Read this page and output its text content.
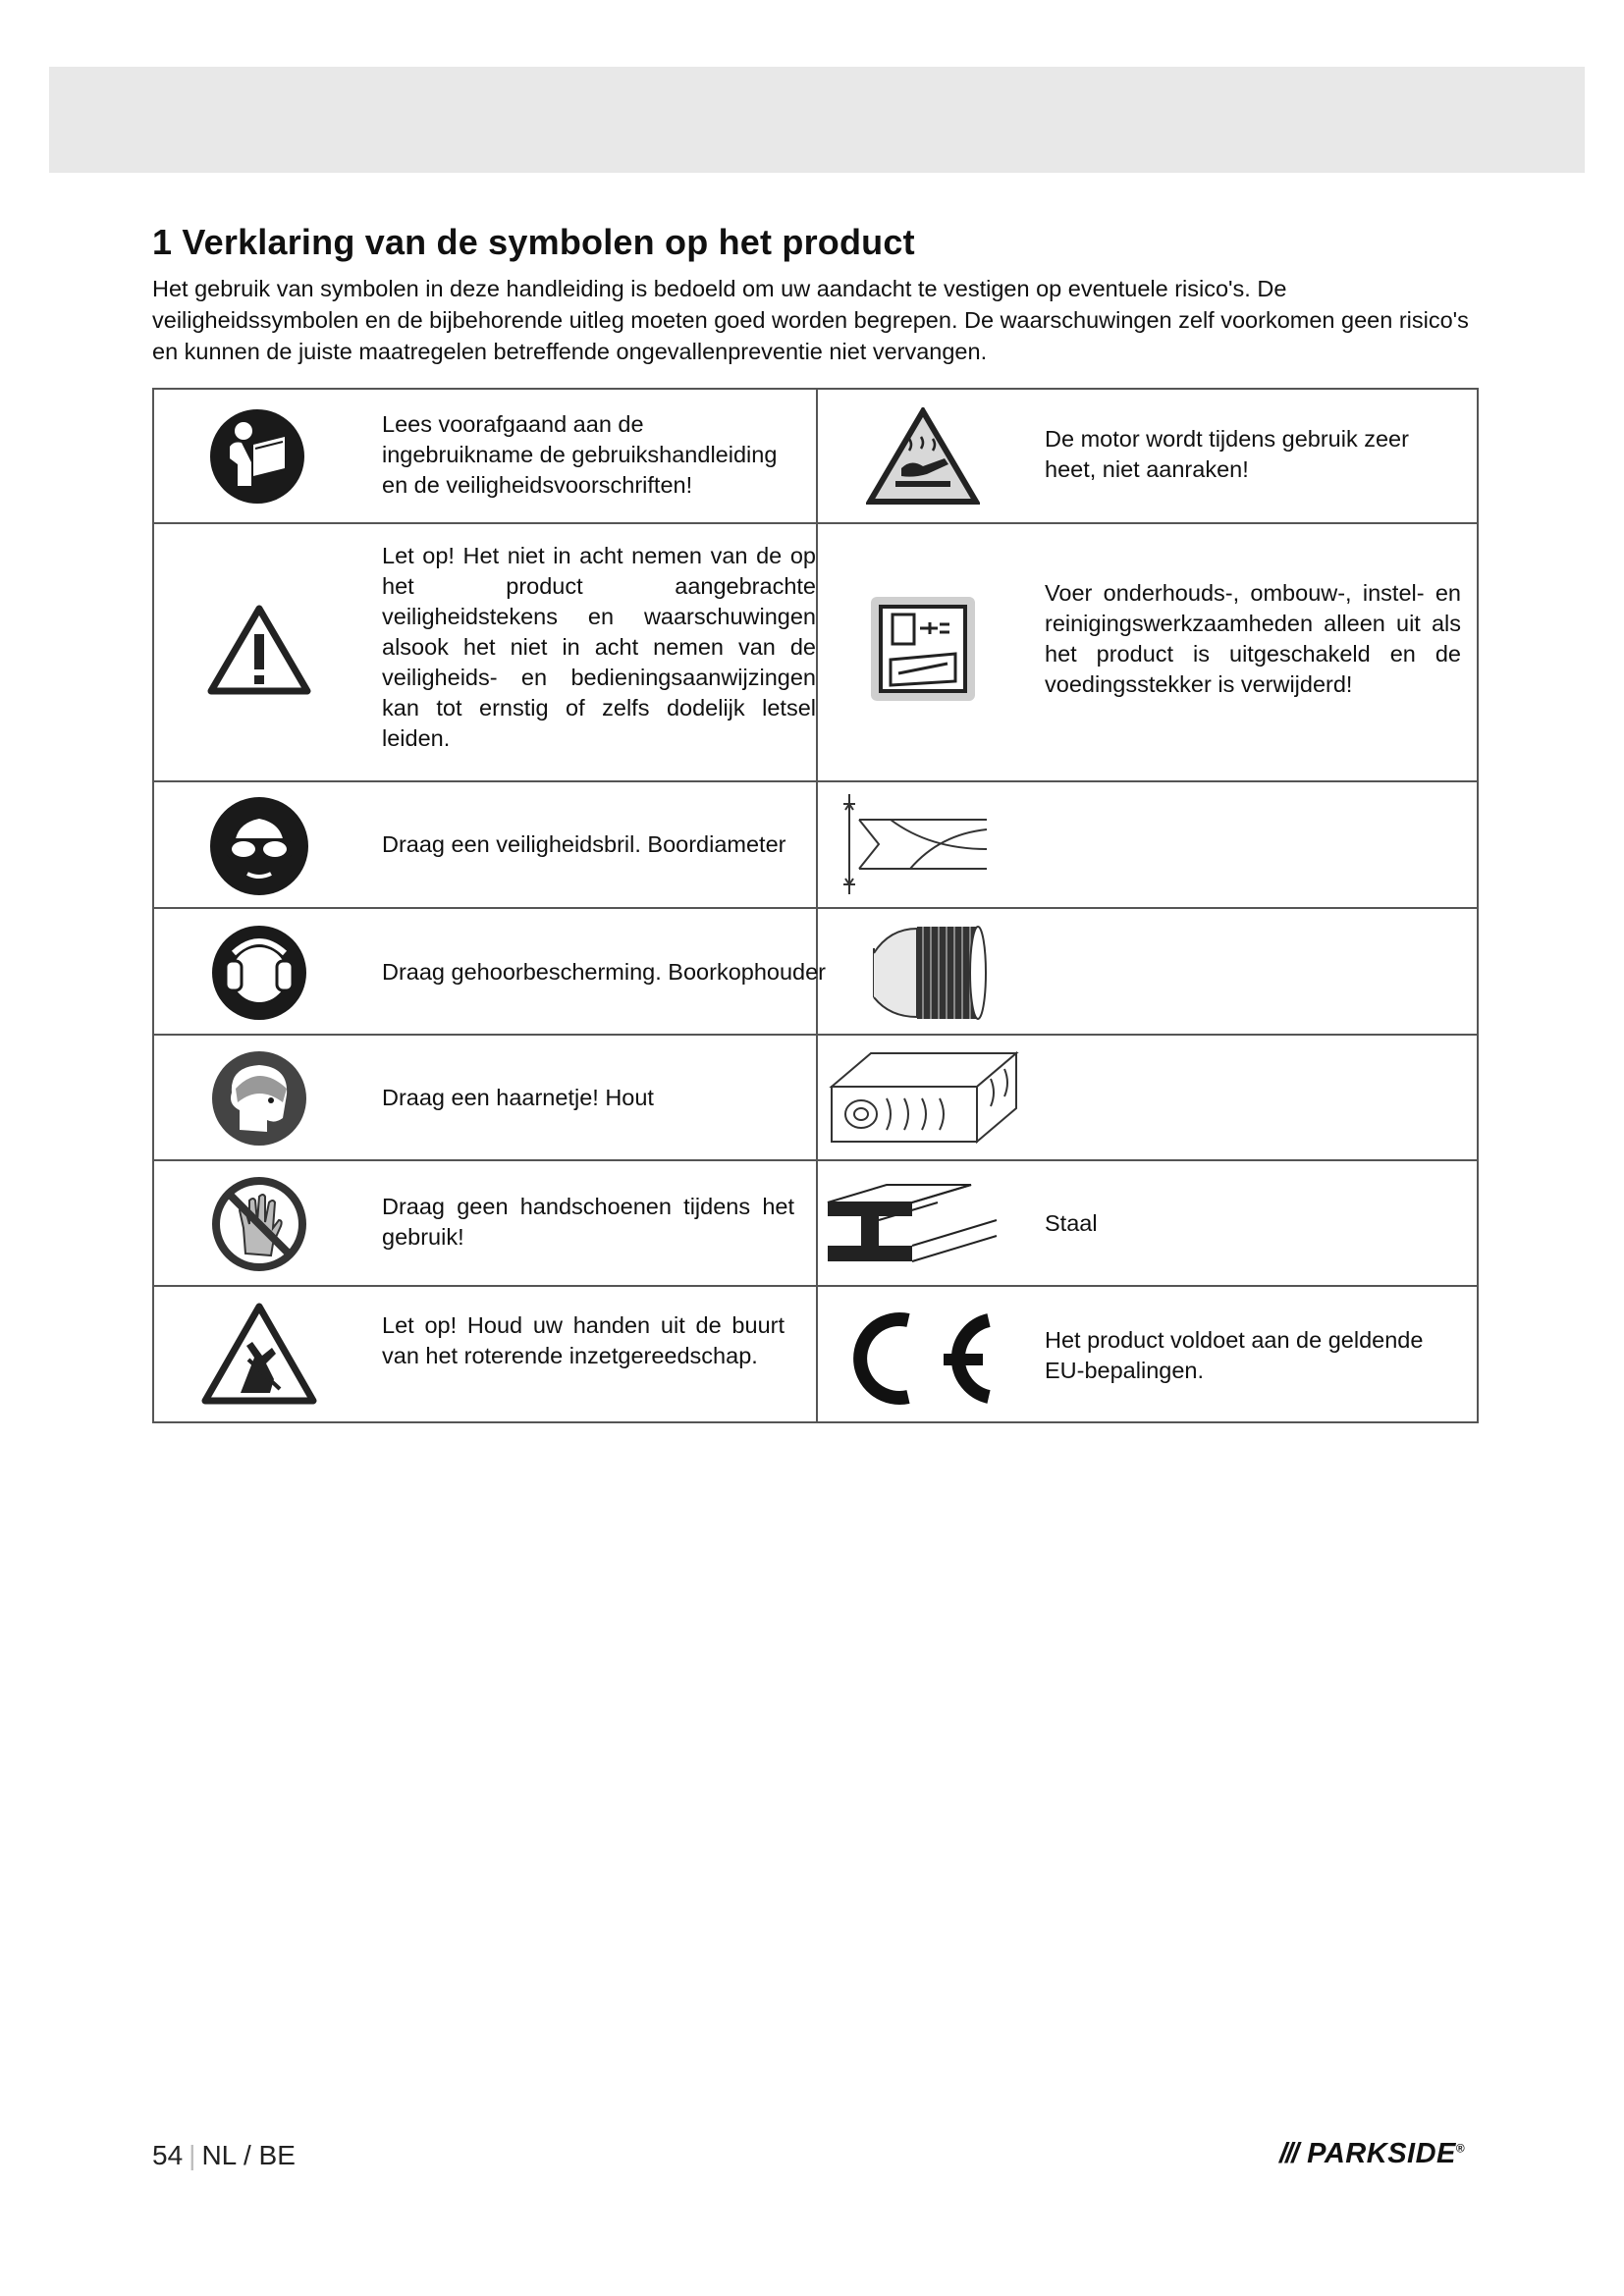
1 Verklaring van de symbolen op het product

Het gebruik van symbolen in deze handleiding is bedoeld om uw aandacht te vestigen op eventuele risico's. De veiligheidssymbolen en de bijbehorende uitleg moeten goed worden begrepen. De waarschuwingen zelf voorkomen geen risico's en kunnen de juiste maatregelen betreffende ongevallenpreventie niet vervangen.

Lees voorafgaand aan de ingebruikname de gebruikshandleiding en de veiligheidsvoorschriften!
De motor wordt tijdens gebruik zeer heet, niet aanraken!
Let op! Het niet in acht nemen van de op het product aangebrachte veiligheidstekens en waarschuwingen alsook het niet in acht nemen van de veiligheids- en bedieningsaanwijzingen kan tot ernstig of zelfs dodelijk letsel leiden.
Voer onderhouds-, ombouw-, instel- en reinigingswerkzaamheden alleen uit als het product is uitgeschakeld en de voedingsstekker is verwijderd!
Draag een veiligheidsbril. Boordiameter
Draag gehoorbescherming. Boorkophouder
Draag een haarnetje! Hout
Draag geen handschoenen tijdens het gebruik!
Staal
Let op! Houd uw handen uit de buurt van het roterende inzetgereedschap.
Het product voldoet aan de geldende EU-bepalingen.
54 | NL / BE	/// PARKSIDE®
